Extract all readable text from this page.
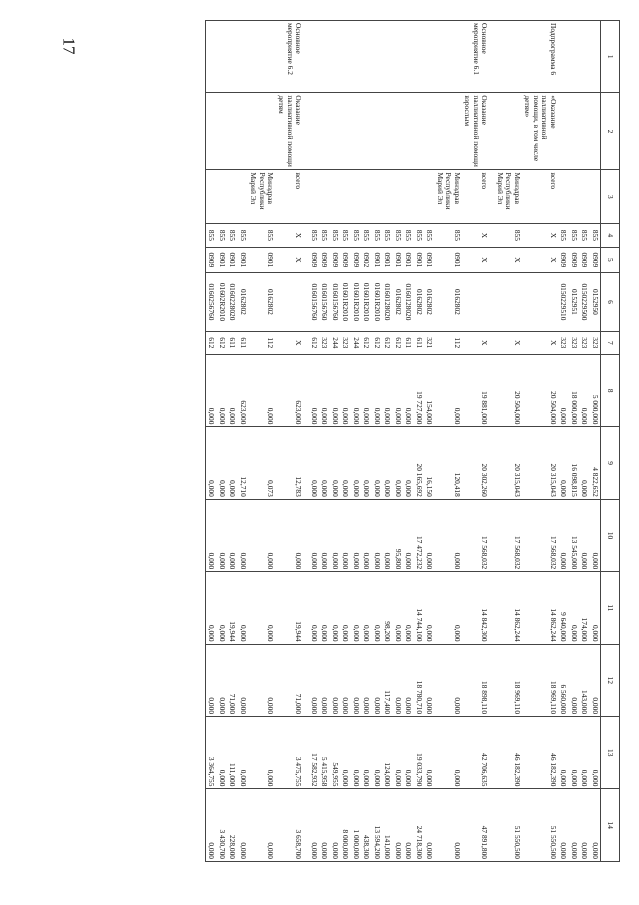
17
1	2	3	4	5	6	7	8	9	10	11	12	13	14
			855	0909	0152950	323	5 000,000	4 822,652	0,000	0,000	0,000	0,000	0,000
			855	0909	0150229500	323	0,000	0,000	0,000	174,000	143,000	0,000	0,000
			855	0909	0152951	323	18 000,000	16 098,815	13 545,000	0,000	0,000	0,000	0,000
			855	0909	0150229510	323	0,000	0,000	0,000	9 640,000	6 560,000	0,000	0,000
Подпрограмма 6	«Оказание паллиативной помощи, в том числе детям»	всего	X	X		X	20 504,000	20 315,043	17 568,032	14 862,244	18 969,110	46 182,390	51 550,500
		Минздрав Республики Марий Эл	855	X		X	20 504,000	20 315,043	17 568,032	14 862,244	18 969,110	46 182,390	51 550,500

Основное мероприятие 6.1	Оказание паллиативной помощи взрослым	всего	X	X		X	19 881,000	20 302,260	17 568,032	14 842,300	18 898,110	42 706,635	47 891,800
		Минздрав Республики Марий Эл	855	0901	0162802	112	0,000	120,418	0,000	0,000	0,000	0,000	0,000
			855	0901	0162802	321	154,000	16,150	0,000	0,000	0,000	0,000	0,000
			855	0901	0162802	611	19 727,000	20 165,692	17 472,232	14 744,100	18 780,710	19 033,790	24 718,300
			855	0901	0160128020	611	0,000	0,000	0,000	0,000	0,000	0,000	0,000
			855	0901	0162802	612	0,000	0,000	95,800	0,000	0,000	0,000	0,000
			855	0901	0160128020	612	0,000	0,000	0,000	98,200	117,400	124,000	141,000
			855	0901	01601R2010	612	0,000	0,000	0,000	0,000	0,000	0,000	13 594,200
			855	0902	01601R2010	612	0,000	0,000	0,000	0,000	0,000	0,000	438,300
			855	0909	01601R2010	244	0,000	0,000	0,000	0,000	0,000	0,000	1 000,000
			855	0909	01601R2010	323	0,000	0,000	0,000	0,000	0,000	0,000	8 000,000
			855	0909	0160156760	244	0,000	0,000	0,000	0,000	0,000	549,955	0,000
			855	0909	0160156760	323	0,000	0,000	0,000	0,000	0,000	5 415,958	0,000
			855	0909	0160156760	612	0,000	0,000	0,000	0,000	0,000	17 582,932	0,000

Основное мероприятие 6.2	Оказание паллиативной помощи детям	всего	X	X		X	623,000	12,783	0,000	19,944	71,000	3 475,755	3 658,700
		Минздрав Республики Марий Эл	855	0901	0162802	112	0,000	0,073	0,000	0,000	0,000	0,000	0,000
			855	0901	0162802	611	623,000	12,710	0,000	0,000	0,000	0,000	0,000
			855	0901	0160228020	611	0,000	0,000	0,000	19,944	71,000	111,000	228,000
			855	0901	01602R2010	612	0,000	0,000	0,000	0,000	0,000	0,000	3 430,700
			855	0909	0160256760	612	0,000	0,000	0,000	0,000	0,000	3 364,755	0,000
